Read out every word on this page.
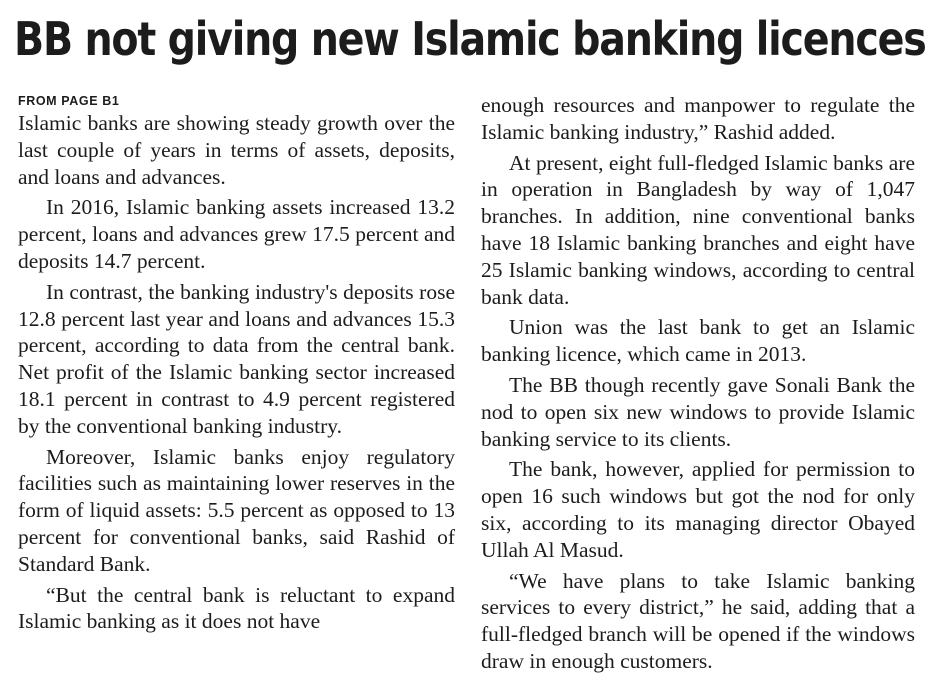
BB not giving new Islamic banking licences
FROM PAGE B1

Islamic banks are showing steady growth over the last couple of years in terms of assets, deposits, and loans and advances.

In 2016, Islamic banking assets increased 13.2 percent, loans and advances grew 17.5 percent and deposits 14.7 percent.

In contrast, the banking industry's deposits rose 12.8 percent last year and loans and advances 15.3 percent, according to data from the central bank. Net profit of the Islamic banking sector increased 18.1 percent in contrast to 4.9 percent registered by the conventional banking industry.

Moreover, Islamic banks enjoy regulatory facilities such as maintaining lower reserves in the form of liquid assets: 5.5 percent as opposed to 13 percent for conventional banks, said Rashid of Standard Bank.

“But the central bank is reluctant to expand Islamic banking as it does not have

enough resources and manpower to regulate the Islamic banking industry,” Rashid added.

At present, eight full-fledged Islamic banks are in operation in Bangladesh by way of 1,047 branches. In addition, nine conventional banks have 18 Islamic banking branches and eight have 25 Islamic banking windows, according to central bank data.

Union was the last bank to get an Islamic banking licence, which came in 2013.

The BB though recently gave Sonali Bank the nod to open six new windows to provide Islamic banking service to its clients.

The bank, however, applied for permission to open 16 such windows but got the nod for only six, according to its managing director Obayed Ullah Al Masud.

“We have plans to take Islamic banking services to every district,” he said, adding that a full-fledged branch will be opened if the windows draw in enough customers.
